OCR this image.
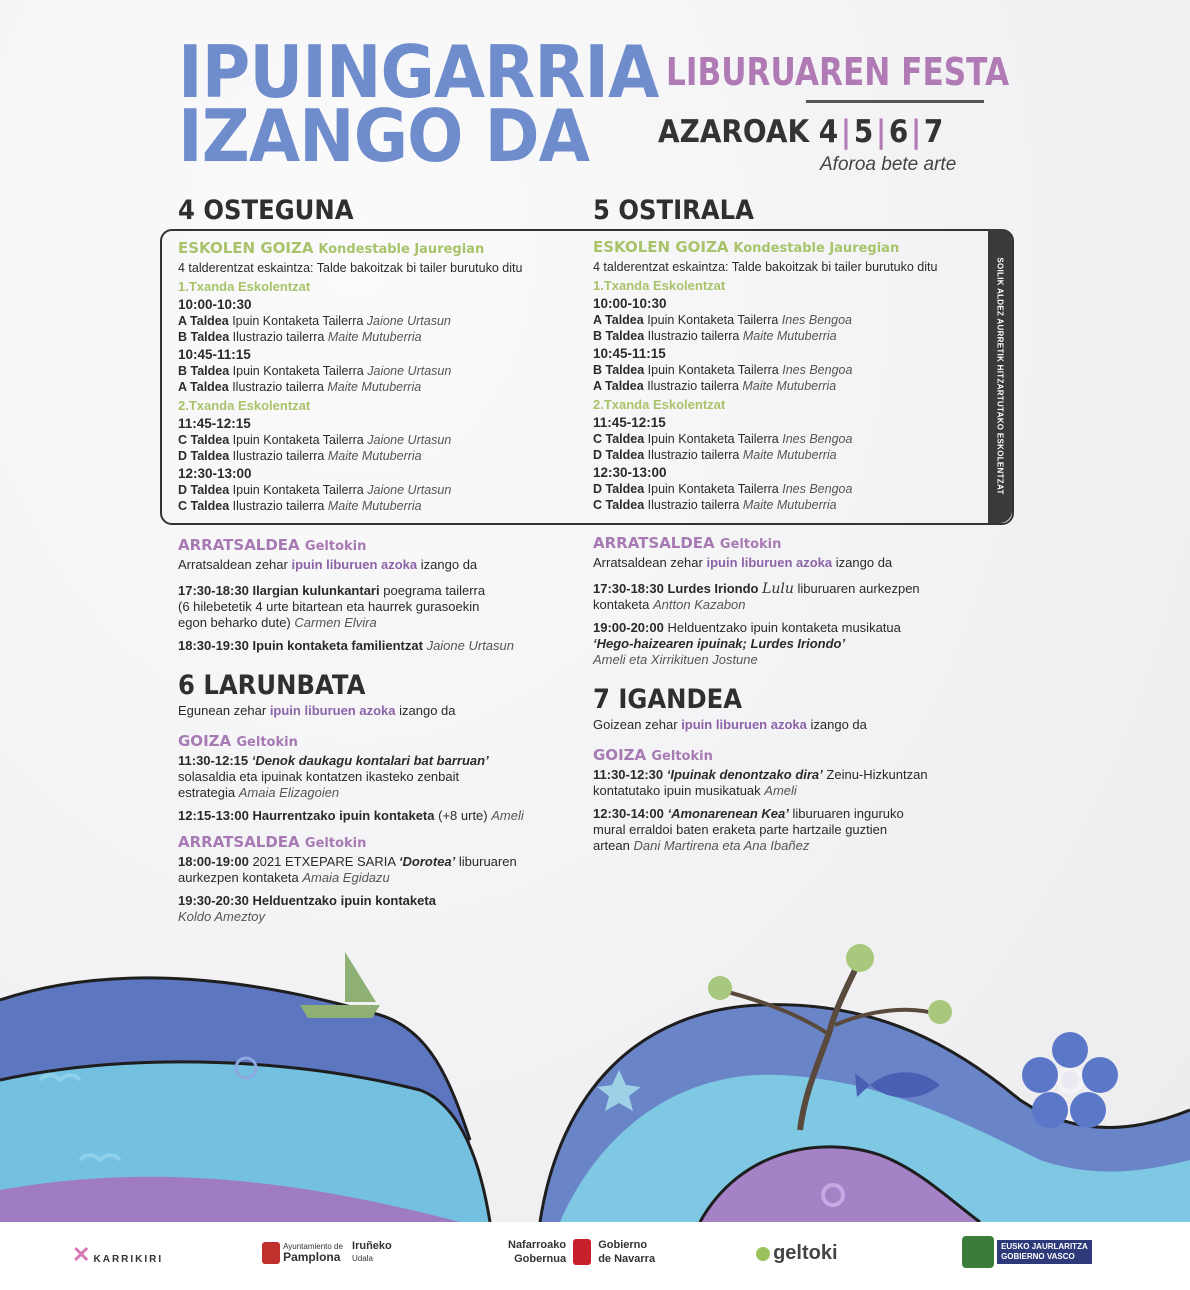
IPUINGARRIA
IZANGO DA
LIBURUAREN FESTA
AZAROAK 4|5|6|7
Aforoa bete arte
4 OSTEGUNA	5 OSTIRALA
SOILIK ALDEZ AURRETIK HITZARTUTAKO ESKOLENTZAT
ESKOLEN GOIZA Kondestable Jauregian
4 talderentzat eskaintza: Talde bakoitzak bi tailer burutuko ditu
1.Txanda Eskolentzat
10:00-10:30
A Taldea Ipuin Kontaketa Tailerra Jaione Urtasun
B Taldea Ilustrazio tailerra Maite Mutuberria
10:45-11:15
B Taldea Ipuin Kontaketa Tailerra Jaione Urtasun
A Taldea Ilustrazio tailerra Maite Mutuberria
2.Txanda Eskolentzat
11:45-12:15
C Taldea Ipuin Kontaketa Tailerra Jaione Urtasun
D Taldea Ilustrazio tailerra Maite Mutuberria
12:30-13:00
D Taldea Ipuin Kontaketa Tailerra Jaione Urtasun
C Taldea Ilustrazio tailerra Maite Mutuberria
ESKOLEN GOIZA Kondestable Jauregian
4 talderentzat eskaintza: Talde bakoitzak bi tailer burutuko ditu
1.Txanda Eskolentzat
10:00-10:30
A Taldea Ipuin Kontaketa Tailerra Ines Bengoa
B Taldea Ilustrazio tailerra Maite Mutuberria
10:45-11:15
B Taldea Ipuin Kontaketa Tailerra Ines Bengoa
A Taldea Ilustrazio tailerra Maite Mutuberria
2.Txanda Eskolentzat
11:45-12:15
C Taldea Ipuin Kontaketa Tailerra Ines Bengoa
D Taldea Ilustrazio tailerra Maite Mutuberria
12:30-13:00
D Taldea Ipuin Kontaketa Tailerra Ines Bengoa
C Taldea Ilustrazio tailerra Maite Mutuberria
ARRATSALDEA Geltokin

Arratsaldean zehar ipuin liburuen azoka izango da

17:30-18:30 Ilargian kulunkantari poegrama tailerra

(6 hilebetetik 4 urte bitartean eta haurrek gurasoekin

egon beharko dute) Carmen Elvira

18:30-19:30 Ipuin kontaketa familientzat Jaione Urtasun

ARRATSALDEA Geltokin

Arratsaldean zehar ipuin liburuen azoka izango da

17:30-18:30 Lurdes Iriondo Lulu liburuaren aurkezpen

kontaketa Antton Kazabon

19:00-20:00 Helduentzako ipuin kontaketa musikatua

‘Hego-haizearen ipuinak; Lurdes Iriondo’

Ameli eta Xirrikituen Jostune

6 LARUNBATA

Egunean zehar ipuin liburuen azoka izango da

GOIZA Geltokin

11:30-12:15 ‘Denok daukagu kontalari bat barruan’

solasaldia eta ipuinak kontatzen ikasteko zenbait

estrategia Amaia Elizagoien

12:15-13:00 Haurrentzako ipuin kontaketa (+8 urte) Ameli

ARRATSALDEA Geltokin

18:00-19:00 2021 ETXEPARE SARIA ‘Dorotea’ liburuaren

aurkezpen kontaketa Amaia Egidazu

19:30-20:30 Helduentzako ipuin kontaketa

Koldo Ameztoy

7 IGANDEA

Goizean zehar ipuin liburuen azoka izango da

GOIZA Geltokin

11:30-12:30 ‘Ipuinak denontzako dira’ Zeinu-Hizkuntzan

kontatutako ipuin musikatuak Ameli

12:30-14:00 ‘Amonarenean Kea’ liburuaren inguruko

mural erraldoi baten eraketa parte hartzaile guztien

artean Dani Martirena eta Ana Ibañez

✕ KARRIKIRI
Ayuntamiento de
Pamplona Iruñeko
Udala
Nafarroako
Gobernua  Gobierno
de Navarra	geltoki	EUSKO JAURLARITZA
GOBIERNO VASCO
